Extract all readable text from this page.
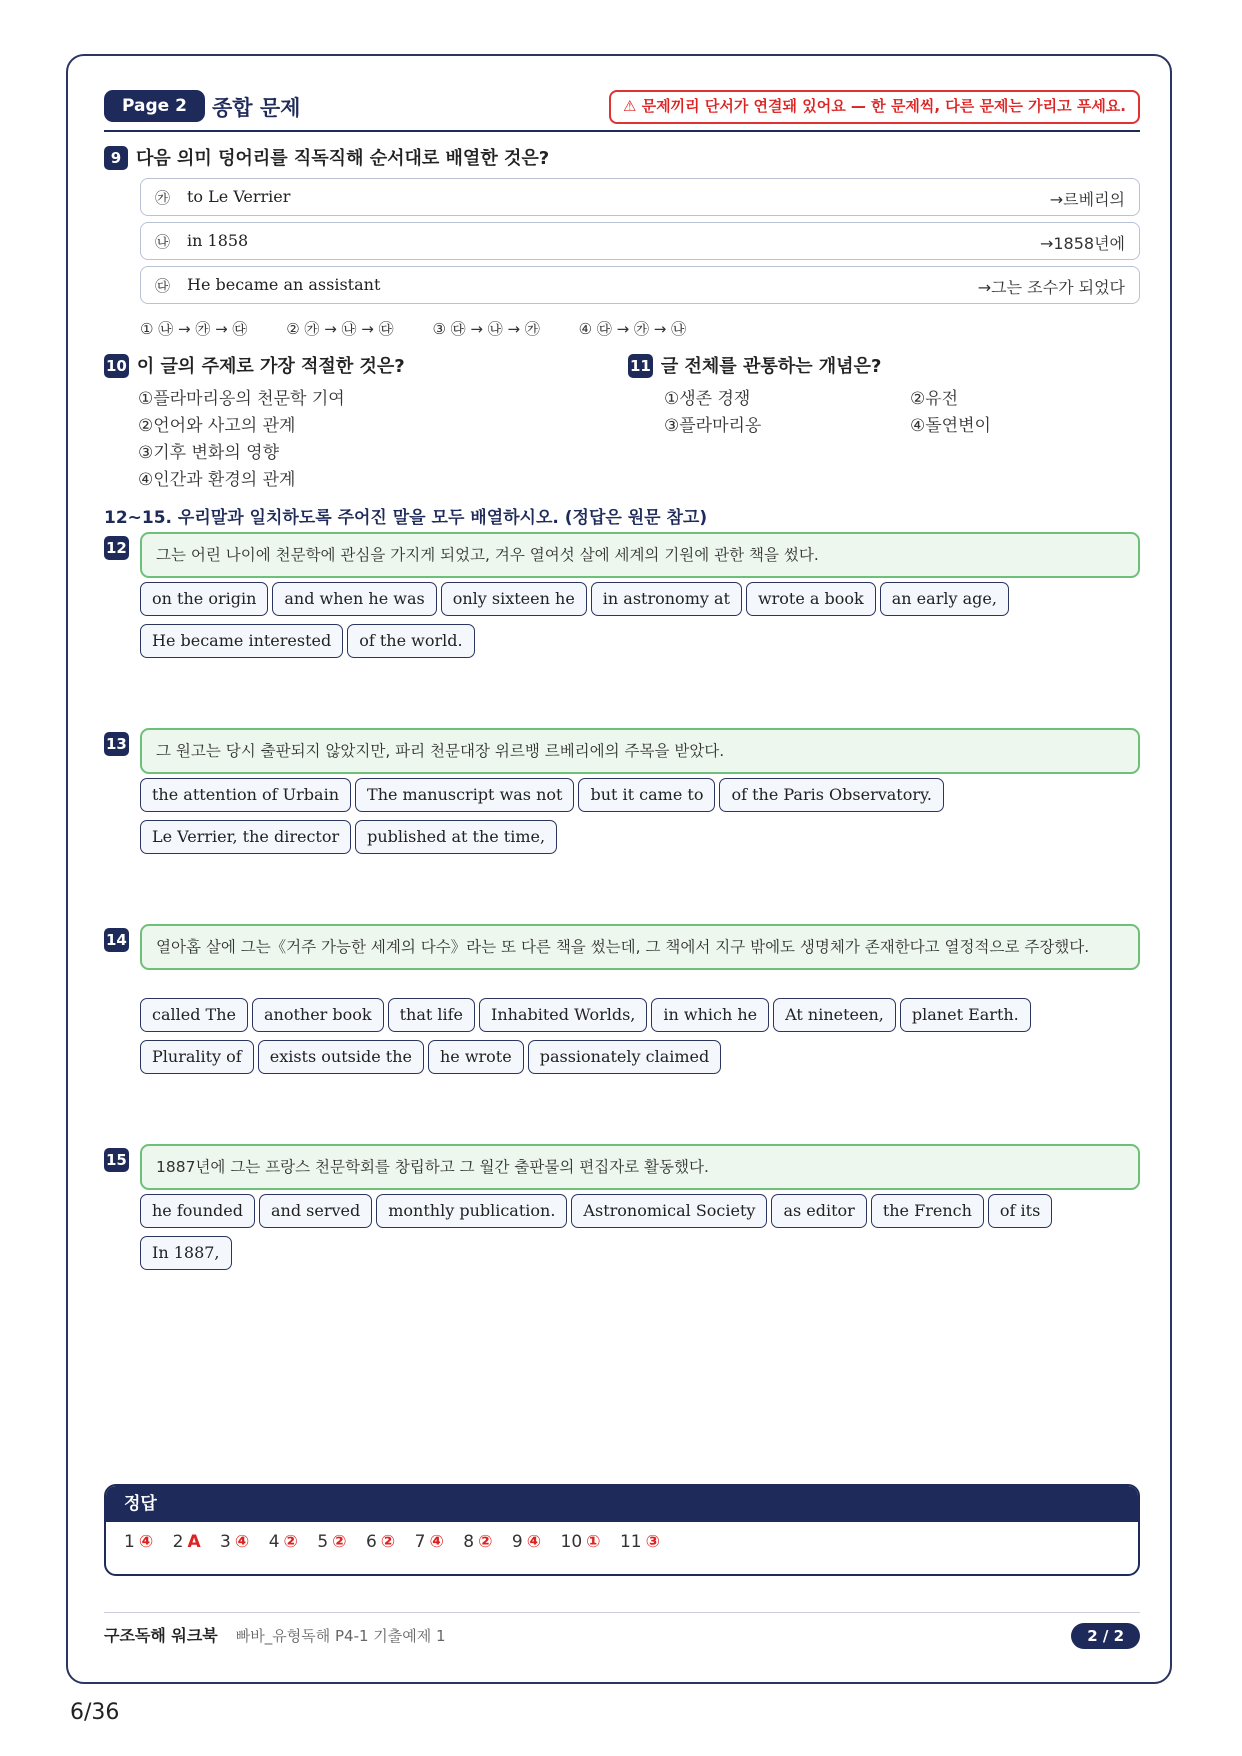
Page 2	종합 문제	⚠ 문제끼리 단서가 연결돼 있어요 — 한 문제씩, 다른 문제는 가리고 푸세요.
9 다음 의미 덩어리를 직독직해 순서대로 배열한 것은?
㉮ to Le Verrier	→르베리의
㉯ in 1858	→1858년에
㉰ He became an assistant	→그는 조수가 되었다
① ㉯ → ㉮ → ㉰	② ㉮ → ㉯ → ㉰	③ ㉰ → ㉯ → ㉮	④ ㉰ → ㉮ → ㉯
10 이 글의 주제로 가장 적절한 것은?
①플라마리옹의 천문학 기여
②언어와 사고의 관계
③기후 변화의 영향
④인간과 환경의 관계
11 글 전체를 관통하는 개념은?
①생존 경쟁	②유전
③플라마리옹	④돌연변이
12~15. 우리말과 일치하도록 주어진 말을 모두 배열하시오. (정답은 원문 참고)
12	그는 어린 나이에 천문학에 관심을 가지게 되었고, 겨우 열여섯 살에 세계의 기원에 관한 책을 썼다.
on the origin and when he was only sixteen he in astronomy at wrote a book an early age,He became interested of the world.
13	그 원고는 당시 출판되지 않았지만, 파리 천문대장 위르뱅 르베리에의 주목을 받았다.
the attention of Urbain The manuscript was not but it came to of the Paris Observatory.Le Verrier, the director published at the time,
14	열아홉 살에 그는《거주 가능한 세계의 다수》라는 또 다른 책을 썼는데, 그 책에서 지구 밖에도 생명체가 존재한다고 열정적으로 주장했다.
called The another book that life Inhabited Worlds, in which he At nineteen, planet Earth.Plurality of exists outside the he wrote passionately claimed
15	1887년에 그는 프랑스 천문학회를 창립하고 그 월간 출판물의 편집자로 활동했다.
he founded and served monthly publication. Astronomical Society as editor the French of itsIn 1887,
정답
1 ④ 2 A 3 ④ 4 ② 5 ② 6 ② 7 ④ 8 ② 9 ④ 10 ① 11 ③
구조독해 워크북 빠바_유형독해 P4-1 기출예제 1	2 / 2
6/36
